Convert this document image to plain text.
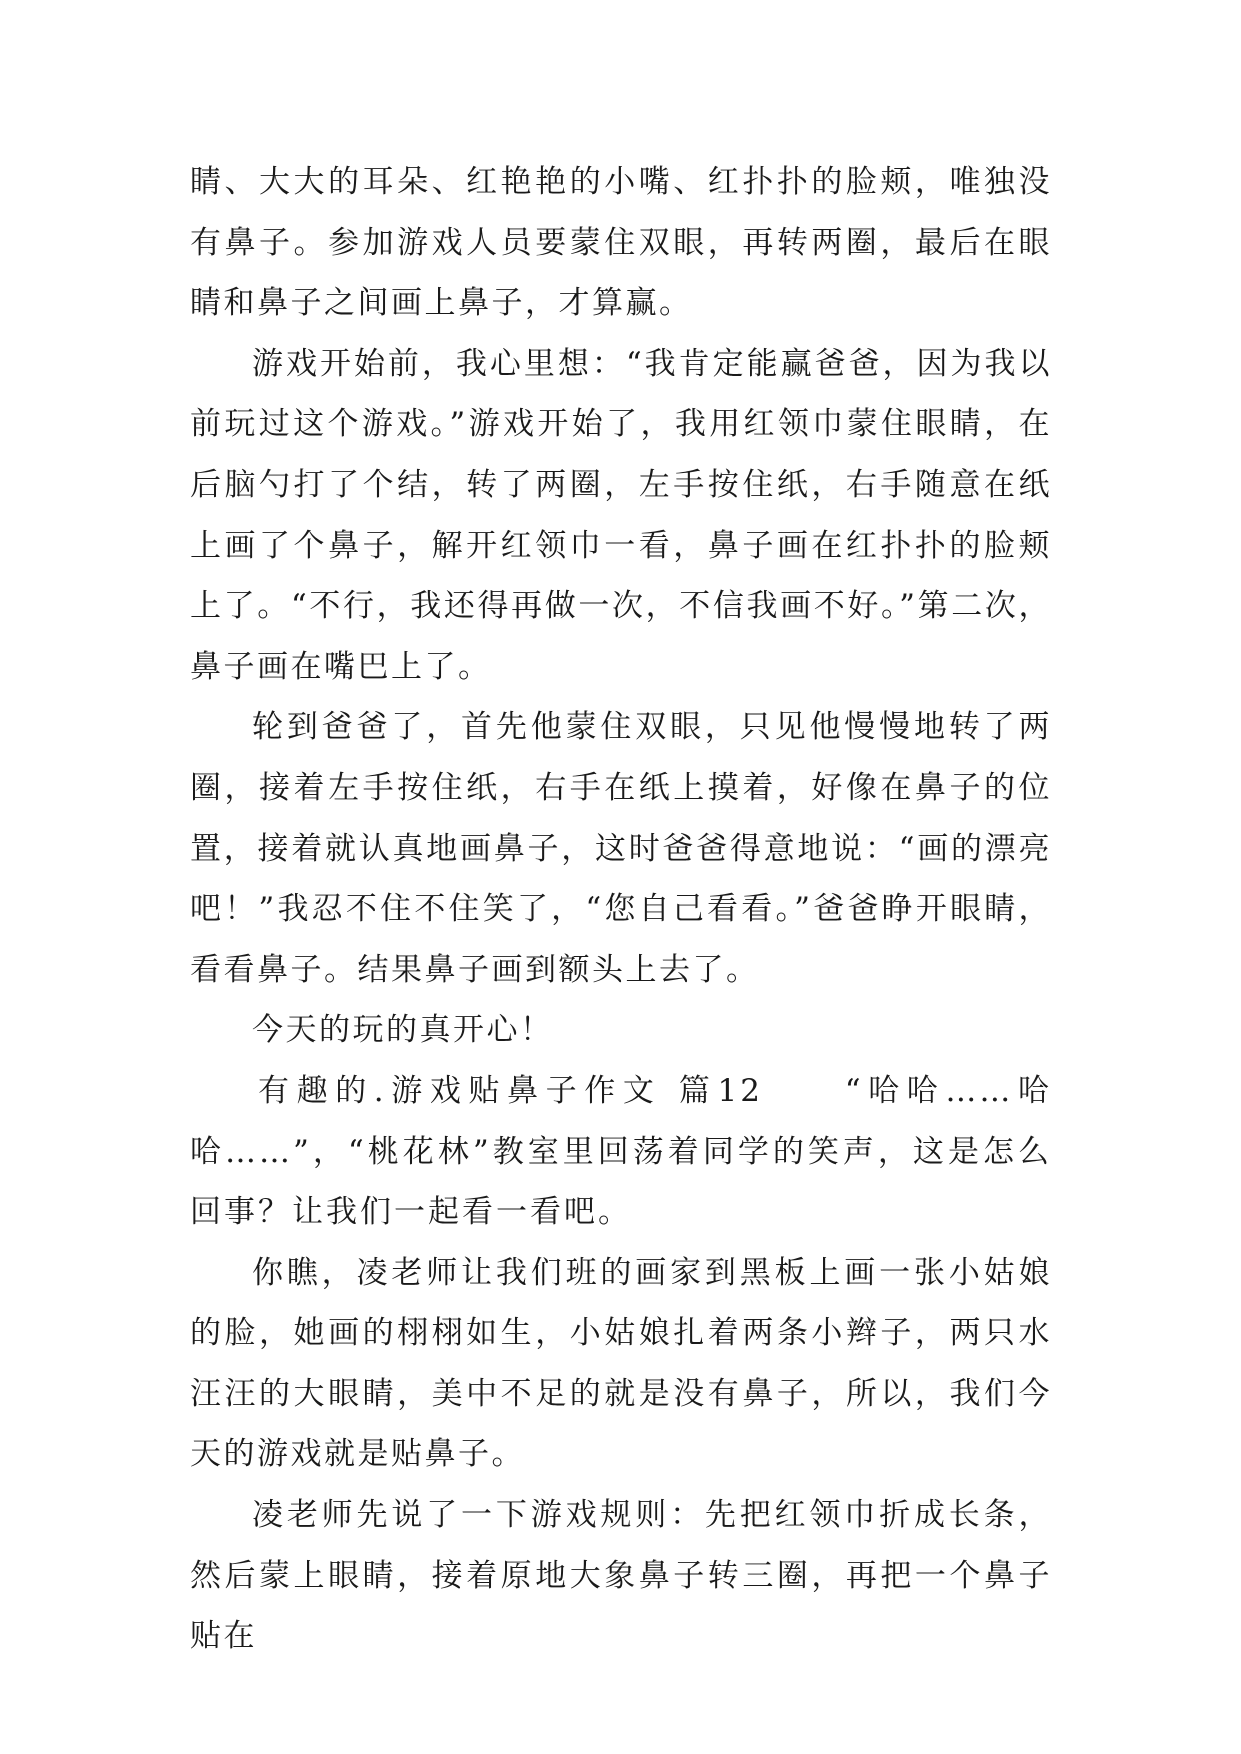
睛、大大的耳朵、红艳艳的小嘴、红扑扑的脸颊，唯独没有鼻子。参加游戏人员要蒙住双眼，再转两圈，最后在眼睛和鼻子之间画上鼻子，才算赢。

游戏开始前，我心里想：“我肯定能赢爸爸，因为我以前玩过这个游戏。”游戏开始了，我用红领巾蒙住眼睛，在后脑勺打了个结，转了两圈，左手按住纸，右手随意在纸上画了个鼻子，解开红领巾一看，鼻子画在红扑扑的脸颊上了。“不行，我还得再做一次，不信我画不好。”第二次，鼻子画在嘴巴上了。

轮到爸爸了，首先他蒙住双眼，只见他慢慢地转了两圈，接着左手按住纸，右手在纸上摸着，好像在鼻子的位置，接着就认真地画鼻子，这时爸爸得意地说：“画的漂亮吧！”我忍不住不住笑了，“您自己看看。”爸爸睁开眼睛，看看鼻子。结果鼻子画到额头上去了。

今天的玩的真开心！

有趣的.游戏贴鼻子作文 篇12　　“哈哈……哈哈……”，“桃花林”教室里回荡着同学的笑声，这是怎么回事？让我们一起看一看吧。

你瞧，凌老师让我们班的画家到黑板上画一张小姑娘的脸，她画的栩栩如生，小姑娘扎着两条小辫子，两只水汪汪的大眼睛，美中不足的就是没有鼻子，所以，我们今天的游戏就是贴鼻子。

凌老师先说了一下游戏规则：先把红领巾折成长条，然后蒙上眼睛，接着原地大象鼻子转三圈，再把一个鼻子贴在
